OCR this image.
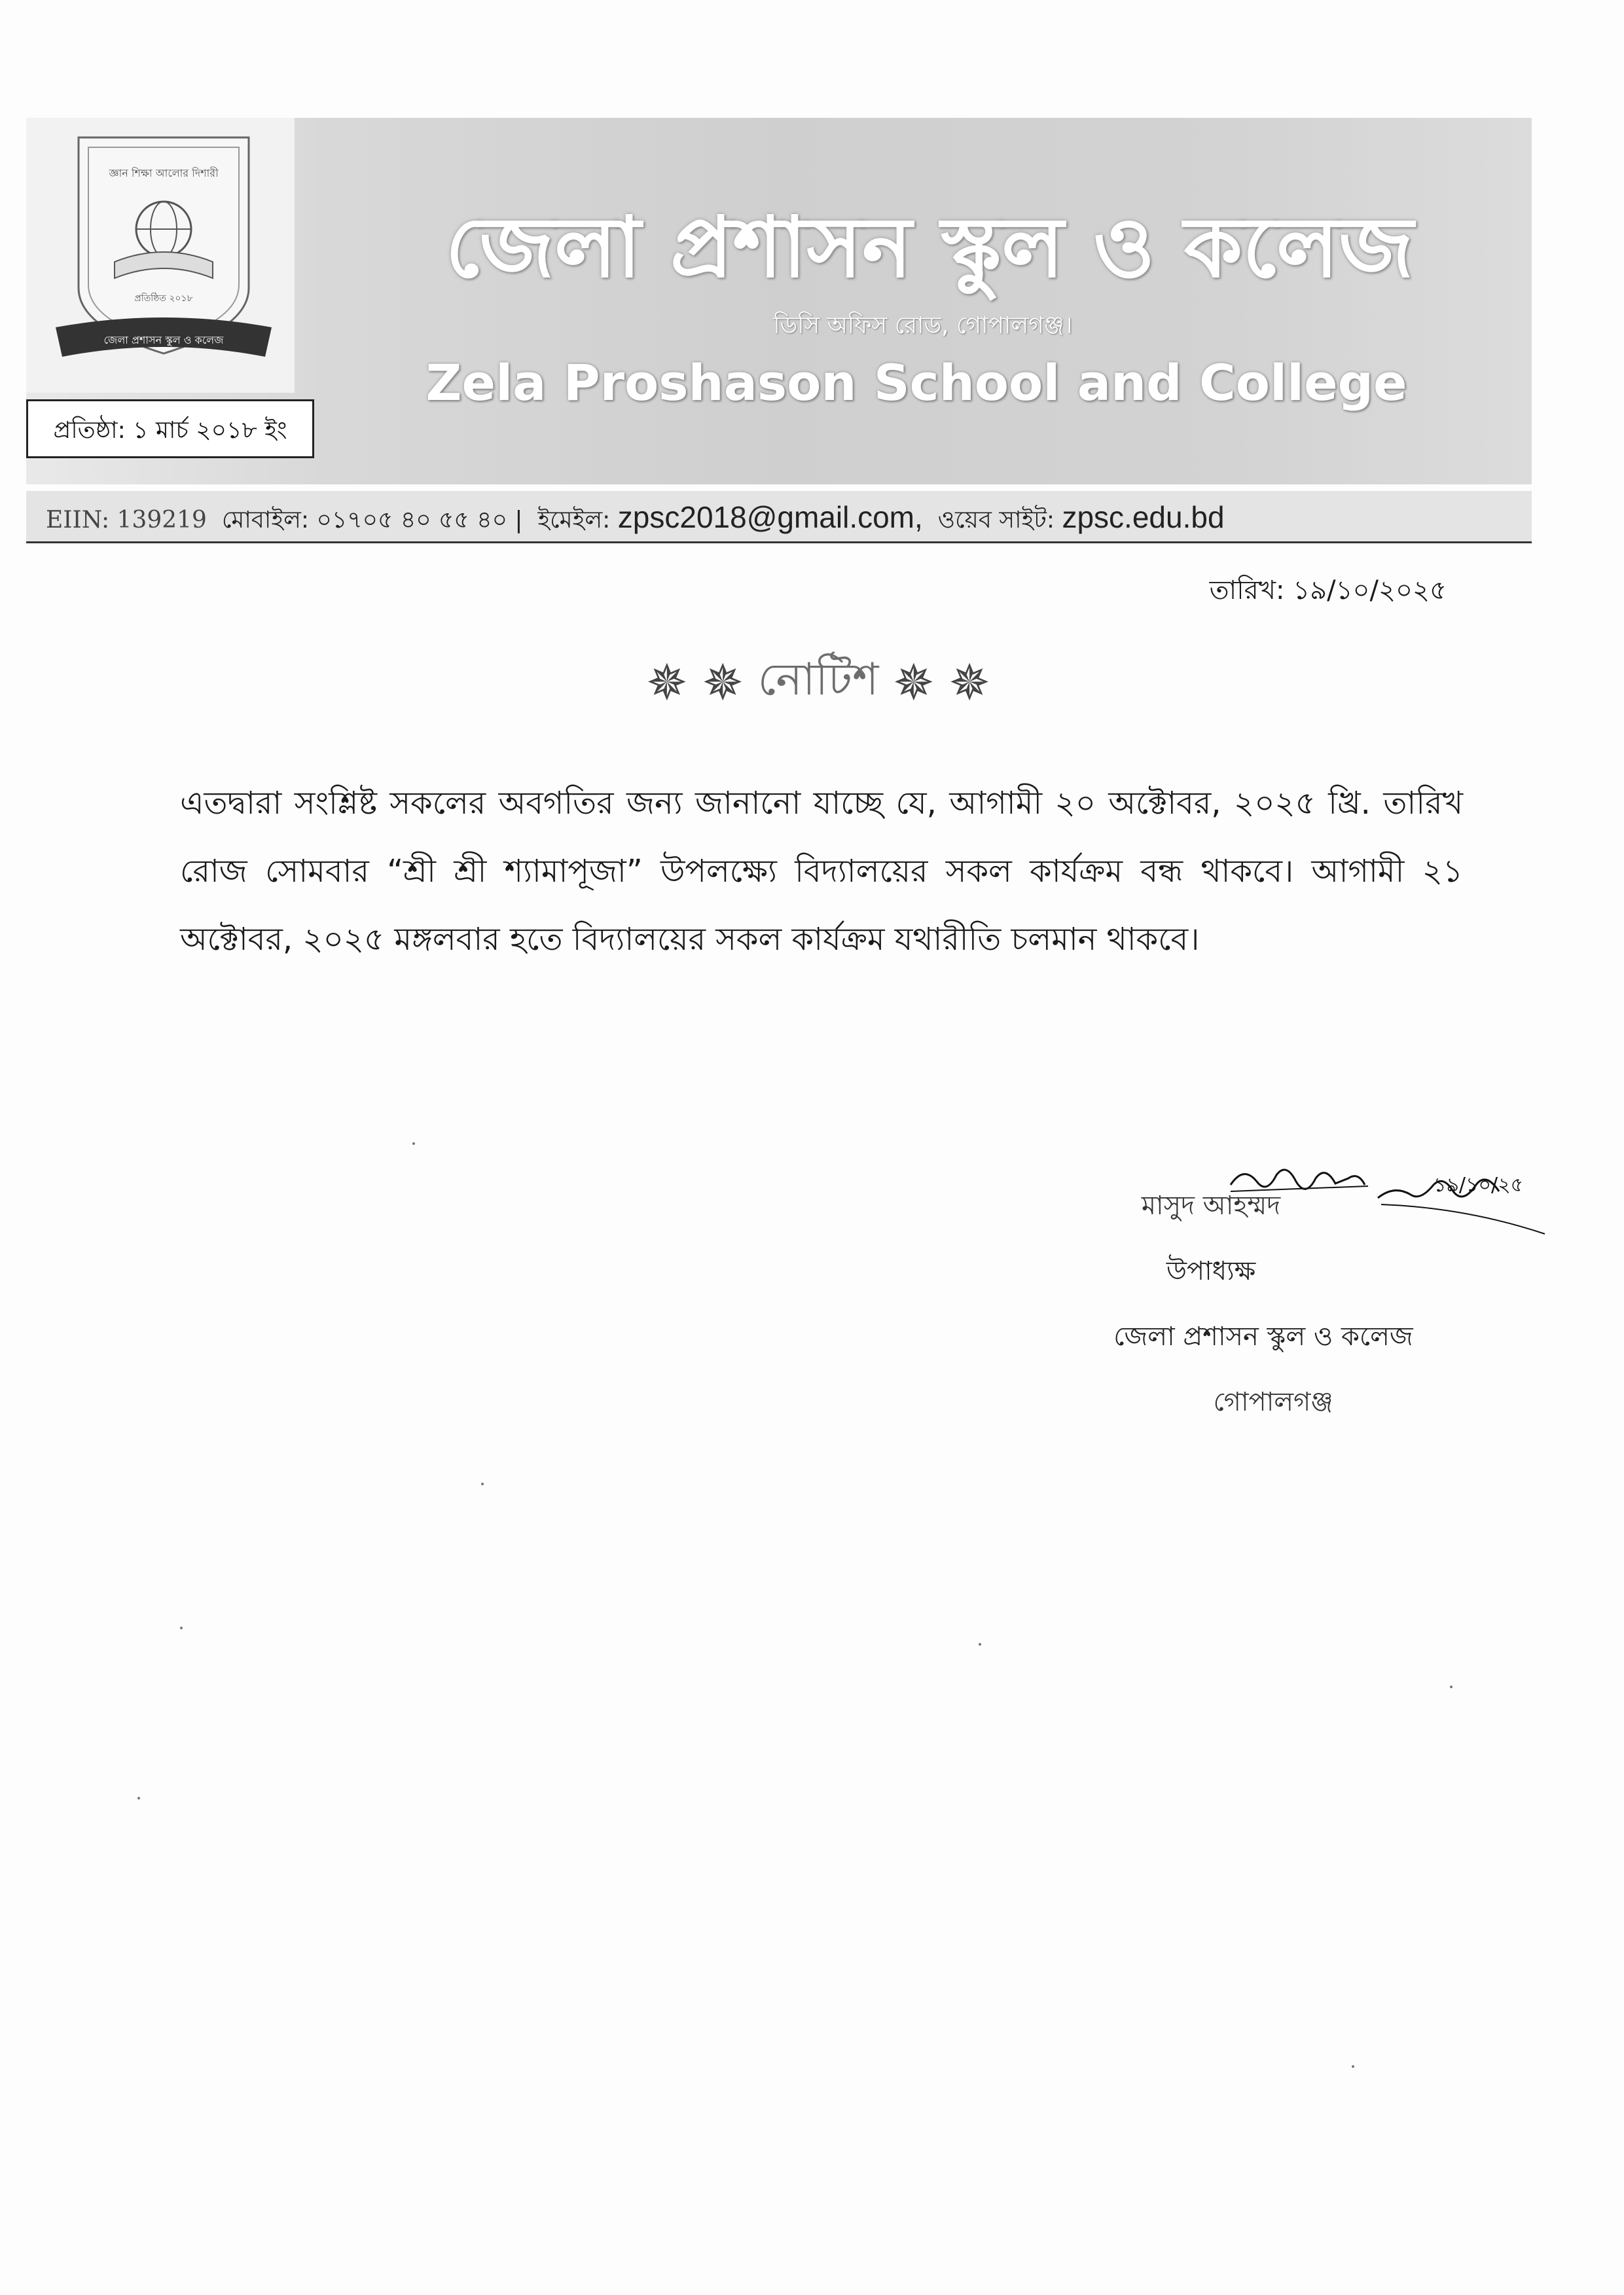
জ্ঞান শিক্ষা আলোর দিশারী
প্রতিষ্ঠিত ২০১৮
জেলা প্রশাসন স্কুল ও কলেজ
প্রতিষ্ঠা: ১ মার্চ ২০১৮ ইং
জেলা প্রশাসন স্কুল ও কলেজ
ডিসি অফিস রোড, গোপালগঞ্জ।
Zela Proshason School and College
EIIN: 139219 মোবাইল: ০১৭০৫ ৪০ ৫৫ ৪০ | ইমেইল: zpsc2018@gmail.com, ওয়েব সাইট: zpsc.edu.bd
তারিখ: ১৯/১০/২০২৫
✵ ✵ নোটিশ ✵ ✵
এতদ্বারা সংশ্লিষ্ট সকলের অবগতির জন্য জানানো যাচ্ছে যে, আগামী ২০ অক্টোবর, ২০২৫ খ্রি. তারিখ রোজ সোমবার “শ্রী শ্রী শ্যামাপূজা” উপলক্ষ্যে বিদ্যালয়ের সকল কার্যক্রম বন্ধ থাকবে। আগামী ২১ অক্টোবর, ২০২৫ মঙ্গলবার হতে বিদ্যালয়ের সকল কার্যক্রম যথারীতি চলমান থাকবে।
১৯/১০/২৫
মাসুদ আহম্মদ
উপাধ্যক্ষ
জেলা প্রশাসন স্কুল ও কলেজ
গোপালগঞ্জ
